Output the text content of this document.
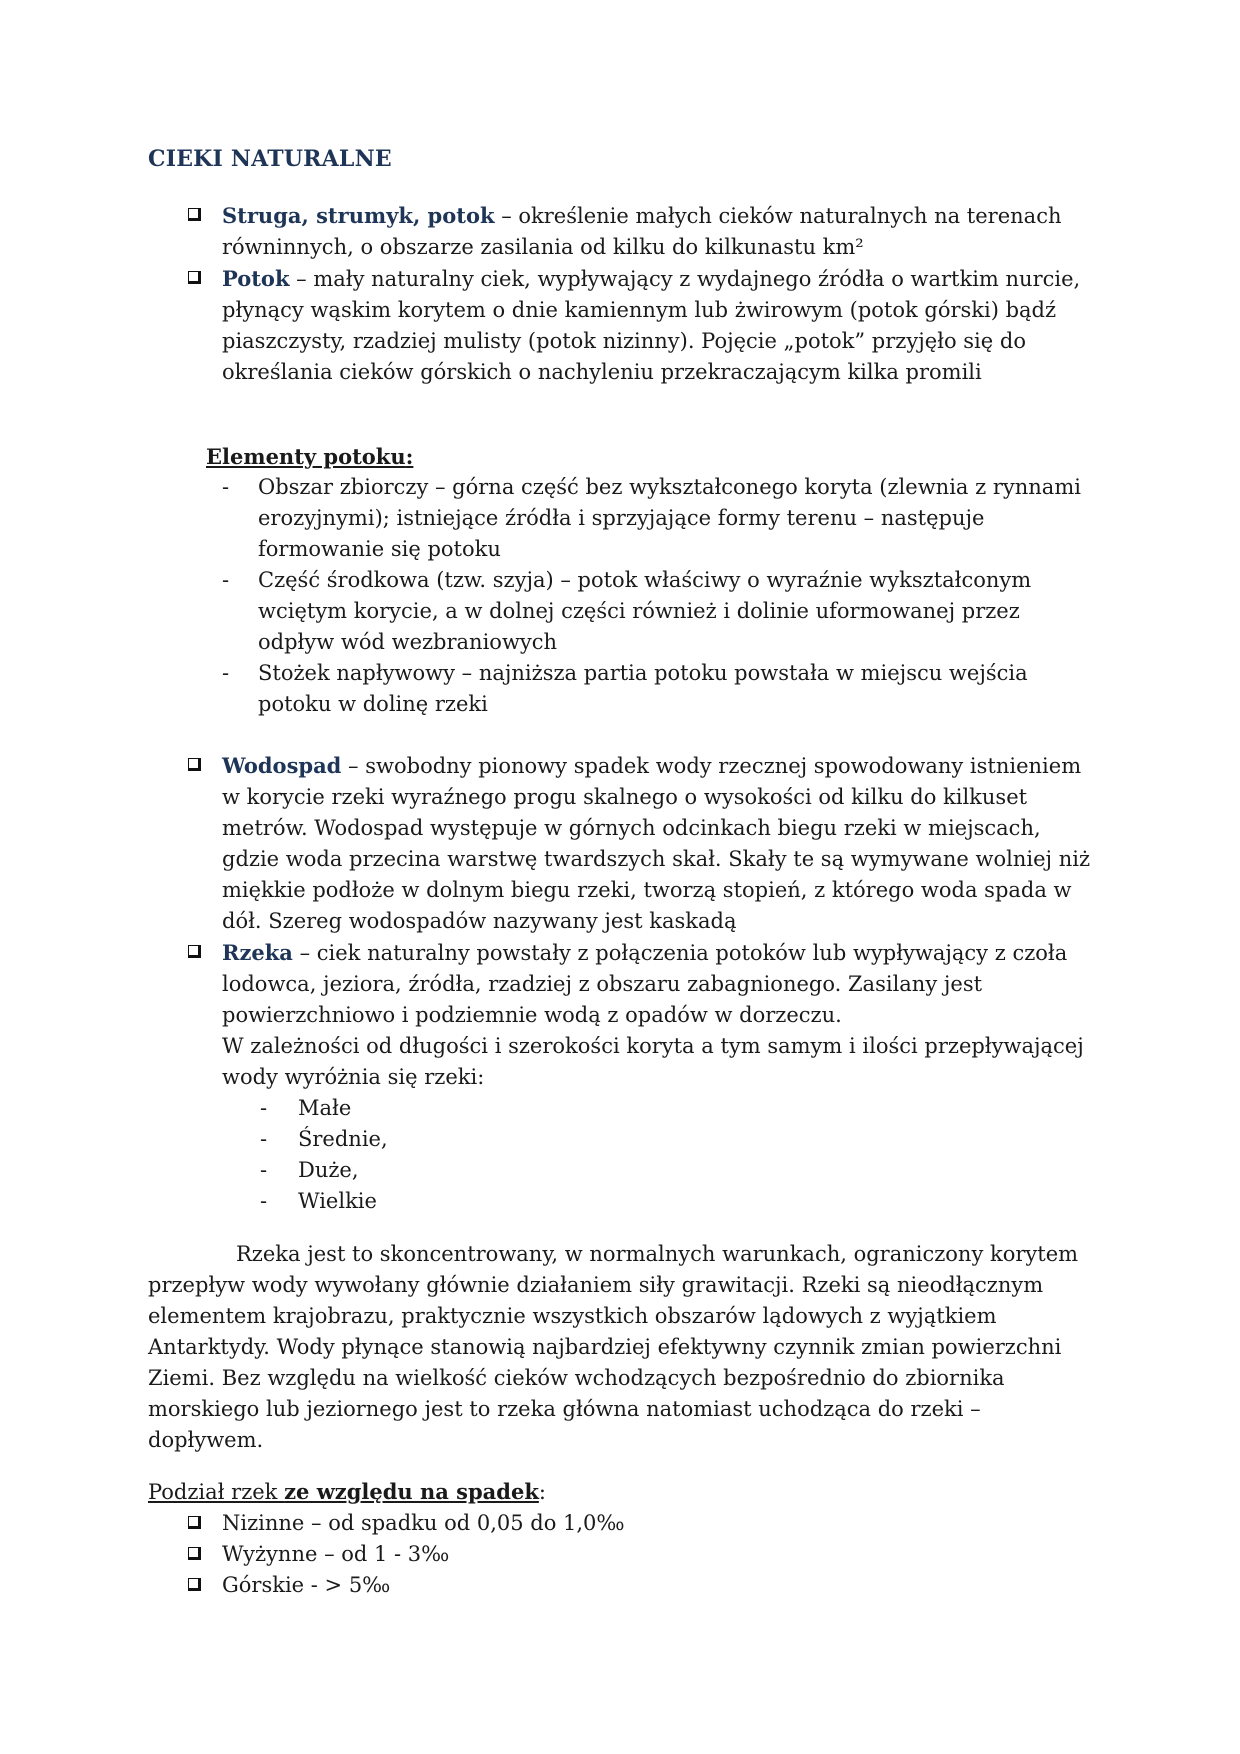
CIEKI NATURALNE

Struga, strumyk, potok – określenie małych cieków naturalnych na terenach równinnych, o obszarze zasilania od kilku do kilkunastu km²

Potok – mały naturalny ciek, wypływający z wydajnego źródła o wartkim nurcie, płynący wąskim korytem o dnie kamiennym lub żwirowym (potok górski) bądź piaszczysty, rzadziej mulisty (potok nizinny). Pojęcie „potok” przyjęło się do określania cieków górskich o nachyleniu przekraczającym kilka promili

Elementy potoku:

- Obszar zbiorczy – górna część bez wykształconego koryta (zlewnia z rynnami erozyjnymi); istniejące źródła i sprzyjające formy terenu – następuje formowanie się potoku

- Część środkowa (tzw. szyja) – potok właściwy o wyraźnie wykształconym wciętym korycie, a w dolnej części również i dolinie uformowanej przez odpływ wód wezbraniowych

- Stożek napływowy – najniższa partia potoku powstała w miejscu wejścia potoku w dolinę rzeki

Wodospad – swobodny pionowy spadek wody rzecznej spowodowany istnieniem w korycie rzeki wyraźnego progu skalnego o wysokości od kilku do kilkuset metrów. Wodospad występuje w górnych odcinkach biegu rzeki w miejscach, gdzie woda przecina warstwę twardszych skał. Skały te są wymywane wolniej niż miękkie podłoże w dolnym biegu rzeki, tworzą stopień, z którego woda spada w dół. Szereg wodospadów nazywany jest kaskadą

Rzeka – ciek naturalny powstały z połączenia potoków lub wypływający z czoła lodowca, jeziora, źródła, rzadziej z obszaru zabagnionego. Zasilany jest powierzchniowo i podziemnie wodą z opadów w dorzeczu.

W zależności od długości i szerokości koryta a tym samym i ilości przepływającej wody wyróżnia się rzeki:

- Małe

- Średnie,

- Duże,

- Wielkie

Rzeka jest to skoncentrowany, w normalnych warunkach, ograniczony korytem przepływ wody wywołany głównie działaniem siły grawitacji. Rzeki są nieodłącznym elementem krajobrazu, praktycznie wszystkich obszarów lądowych z wyjątkiem Antarktydy. Wody płynące stanowią najbardziej efektywny czynnik zmian powierzchni Ziemi. Bez względu na wielkość cieków wchodzących bezpośrednio do zbiornika morskiego lub jeziornego jest to rzeka główna natomiast uchodząca do rzeki – dopływem.

Podział rzek ze względu na spadek:

Nizinne – od spadku od 0,05 do 1,0‰

Wyżynne – od 1 - 3‰

Górskie - > 5‰
